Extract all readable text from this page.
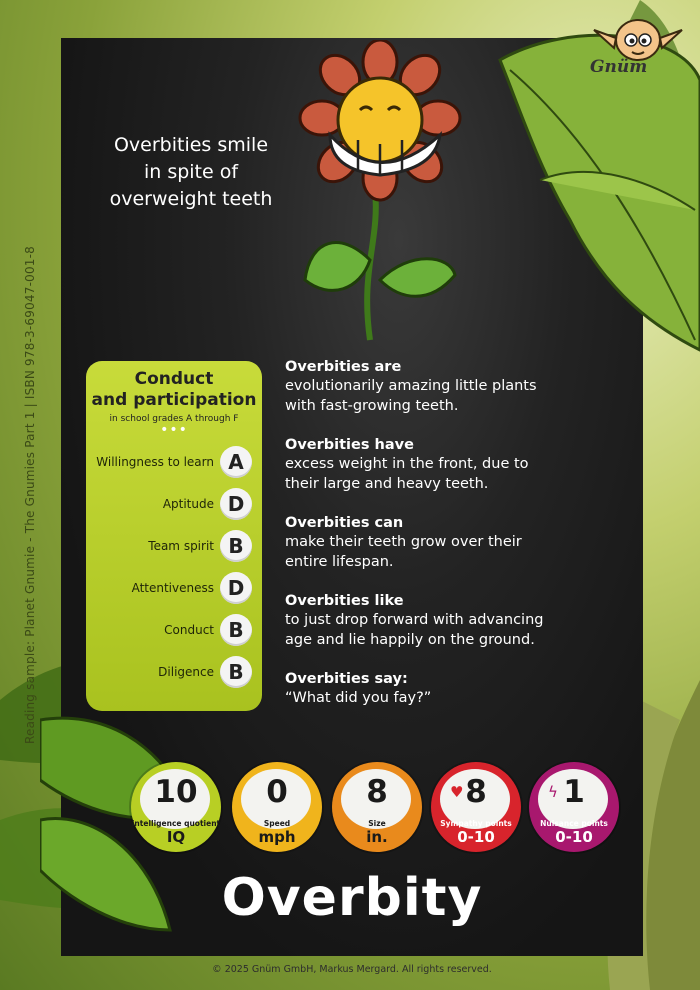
Reading sample: Planet Gnumie - The Gnumies Part 1 | ISBN 978-3-69047-001-8
Gnüm
Overbities smile
in spite of
overweight teeth
Conduct
and participation
in school grades A through F
•••
Willingness to learn A
Aptitude D
Team spirit B
Attentiveness D
Conduct B
Diligence B
Overbities are
evolutionarily amazing little plants
with fast-growing teeth.
Overbities have
excess weight in the front, due to
their large and heavy teeth.
Overbities can
make their teeth grow over their
entire lifespan.
Overbities like
to just drop forward with advancing
age and lie happily on the ground.
Overbities say:
“What did you fay?”
10
intelligence quotient
IQ
0
Speed
mph
8
Size
in.
♥ 8
Sympathy points
0-10
ϟ 1
Nuisance points
0-10
Overbity
© 2025 Gnüm GmbH, Markus Mergard. All rights reserved.
